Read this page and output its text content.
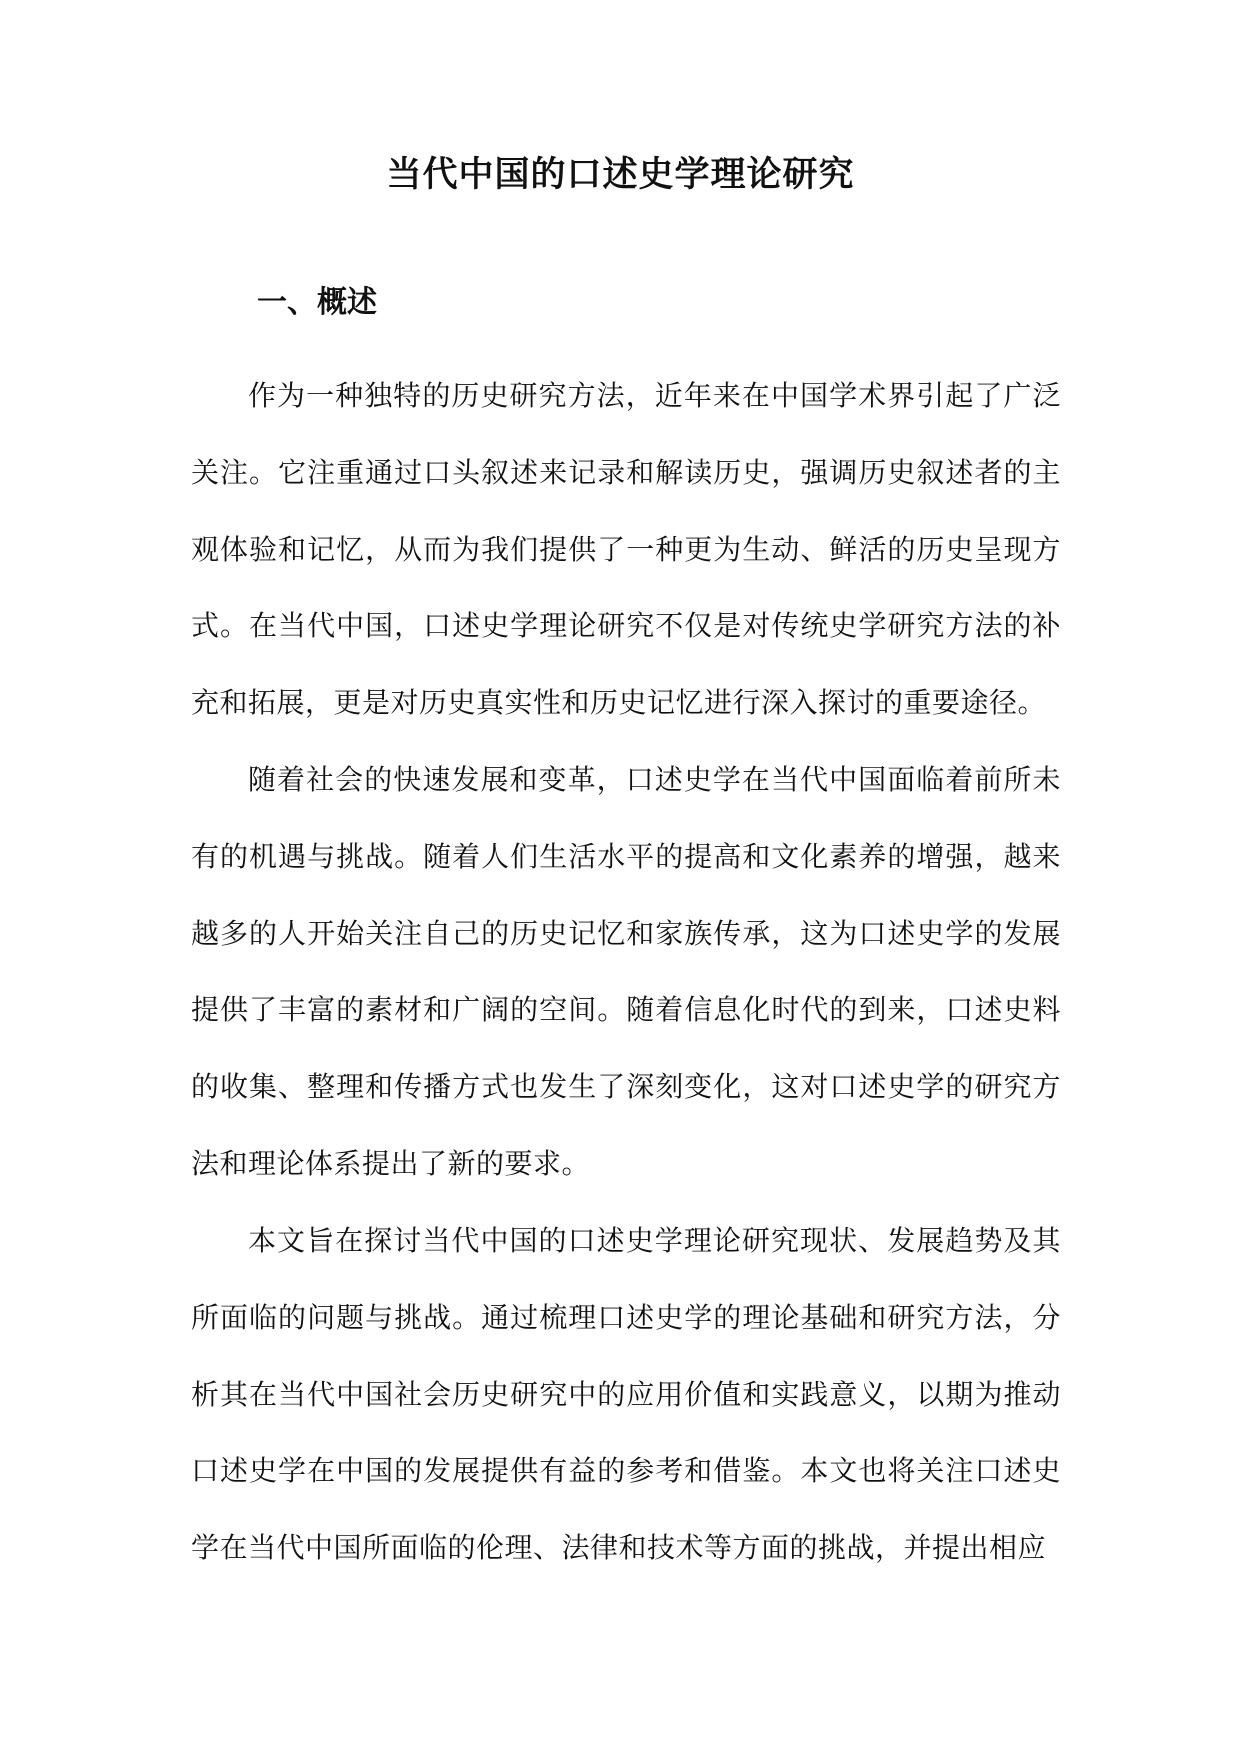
当代中国的口述史学理论研究
一、概述

作为一种独特的历史研究方法，近年来在中国学术界引起了广泛关注。它注重通过口头叙述来记录和解读历史，强调历史叙述者的主观体验和记忆，从而为我们提供了一种更为生动、鲜活的历史呈现方式。在当代中国，口述史学理论研究不仅是对传统史学研究方法的补充和拓展，更是对历史真实性和历史记忆进行深入探讨的重要途径。

随着社会的快速发展和变革，口述史学在当代中国面临着前所未有的机遇与挑战。随着人们生活水平的提高和文化素养的增强，越来越多的人开始关注自己的历史记忆和家族传承，这为口述史学的发展提供了丰富的素材和广阔的空间。随着信息化时代的到来，口述史料的收集、整理和传播方式也发生了深刻变化，这对口述史学的研究方法和理论体系提出了新的要求。

本文旨在探讨当代中国的口述史学理论研究现状、发展趋势及其所面临的问题与挑战。通过梳理口述史学的理论基础和研究方法，分析其在当代中国社会历史研究中的应用价值和实践意义，以期为推动口述史学在中国的发展提供有益的参考和借鉴。本文也将关注口述史学在当代中国所面临的伦理、法律和技术等方面的挑战，并提出相应
